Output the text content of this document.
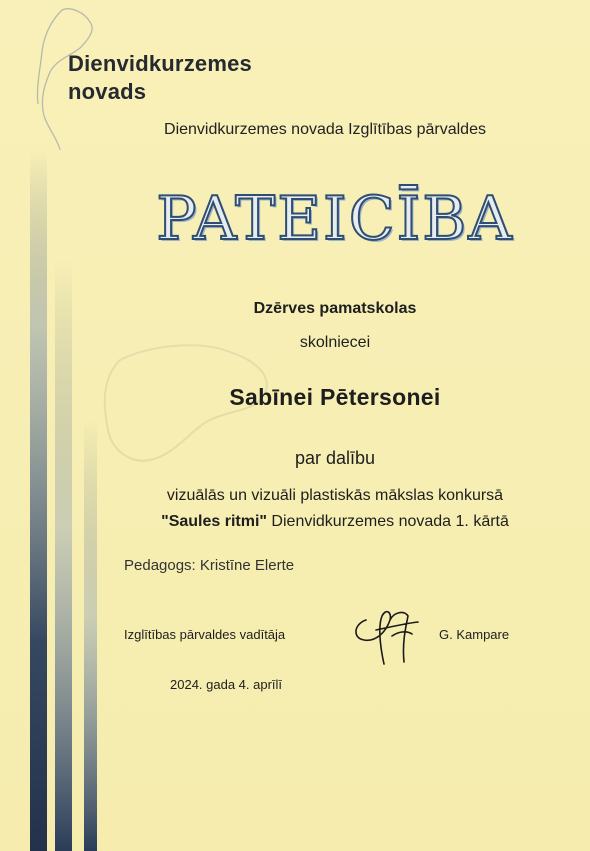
Dienvidkurzemes
novads
Dienvidkurzemes novada Izglītības pārvaldes
PATEICĪBA
Dzērves pamatskolas
skolniecei
Sabīnei Pētersonei
par dalību
vizuālās un vizuāli plastiskās mākslas konkursā
"Saules ritmi" Dienvidkurzemes novada 1. kārtā
Pedagogs: Kristīne Elerte
Izglītības pārvaldes vadītāja	G. Kampare
2024. gada 4. aprīlī
